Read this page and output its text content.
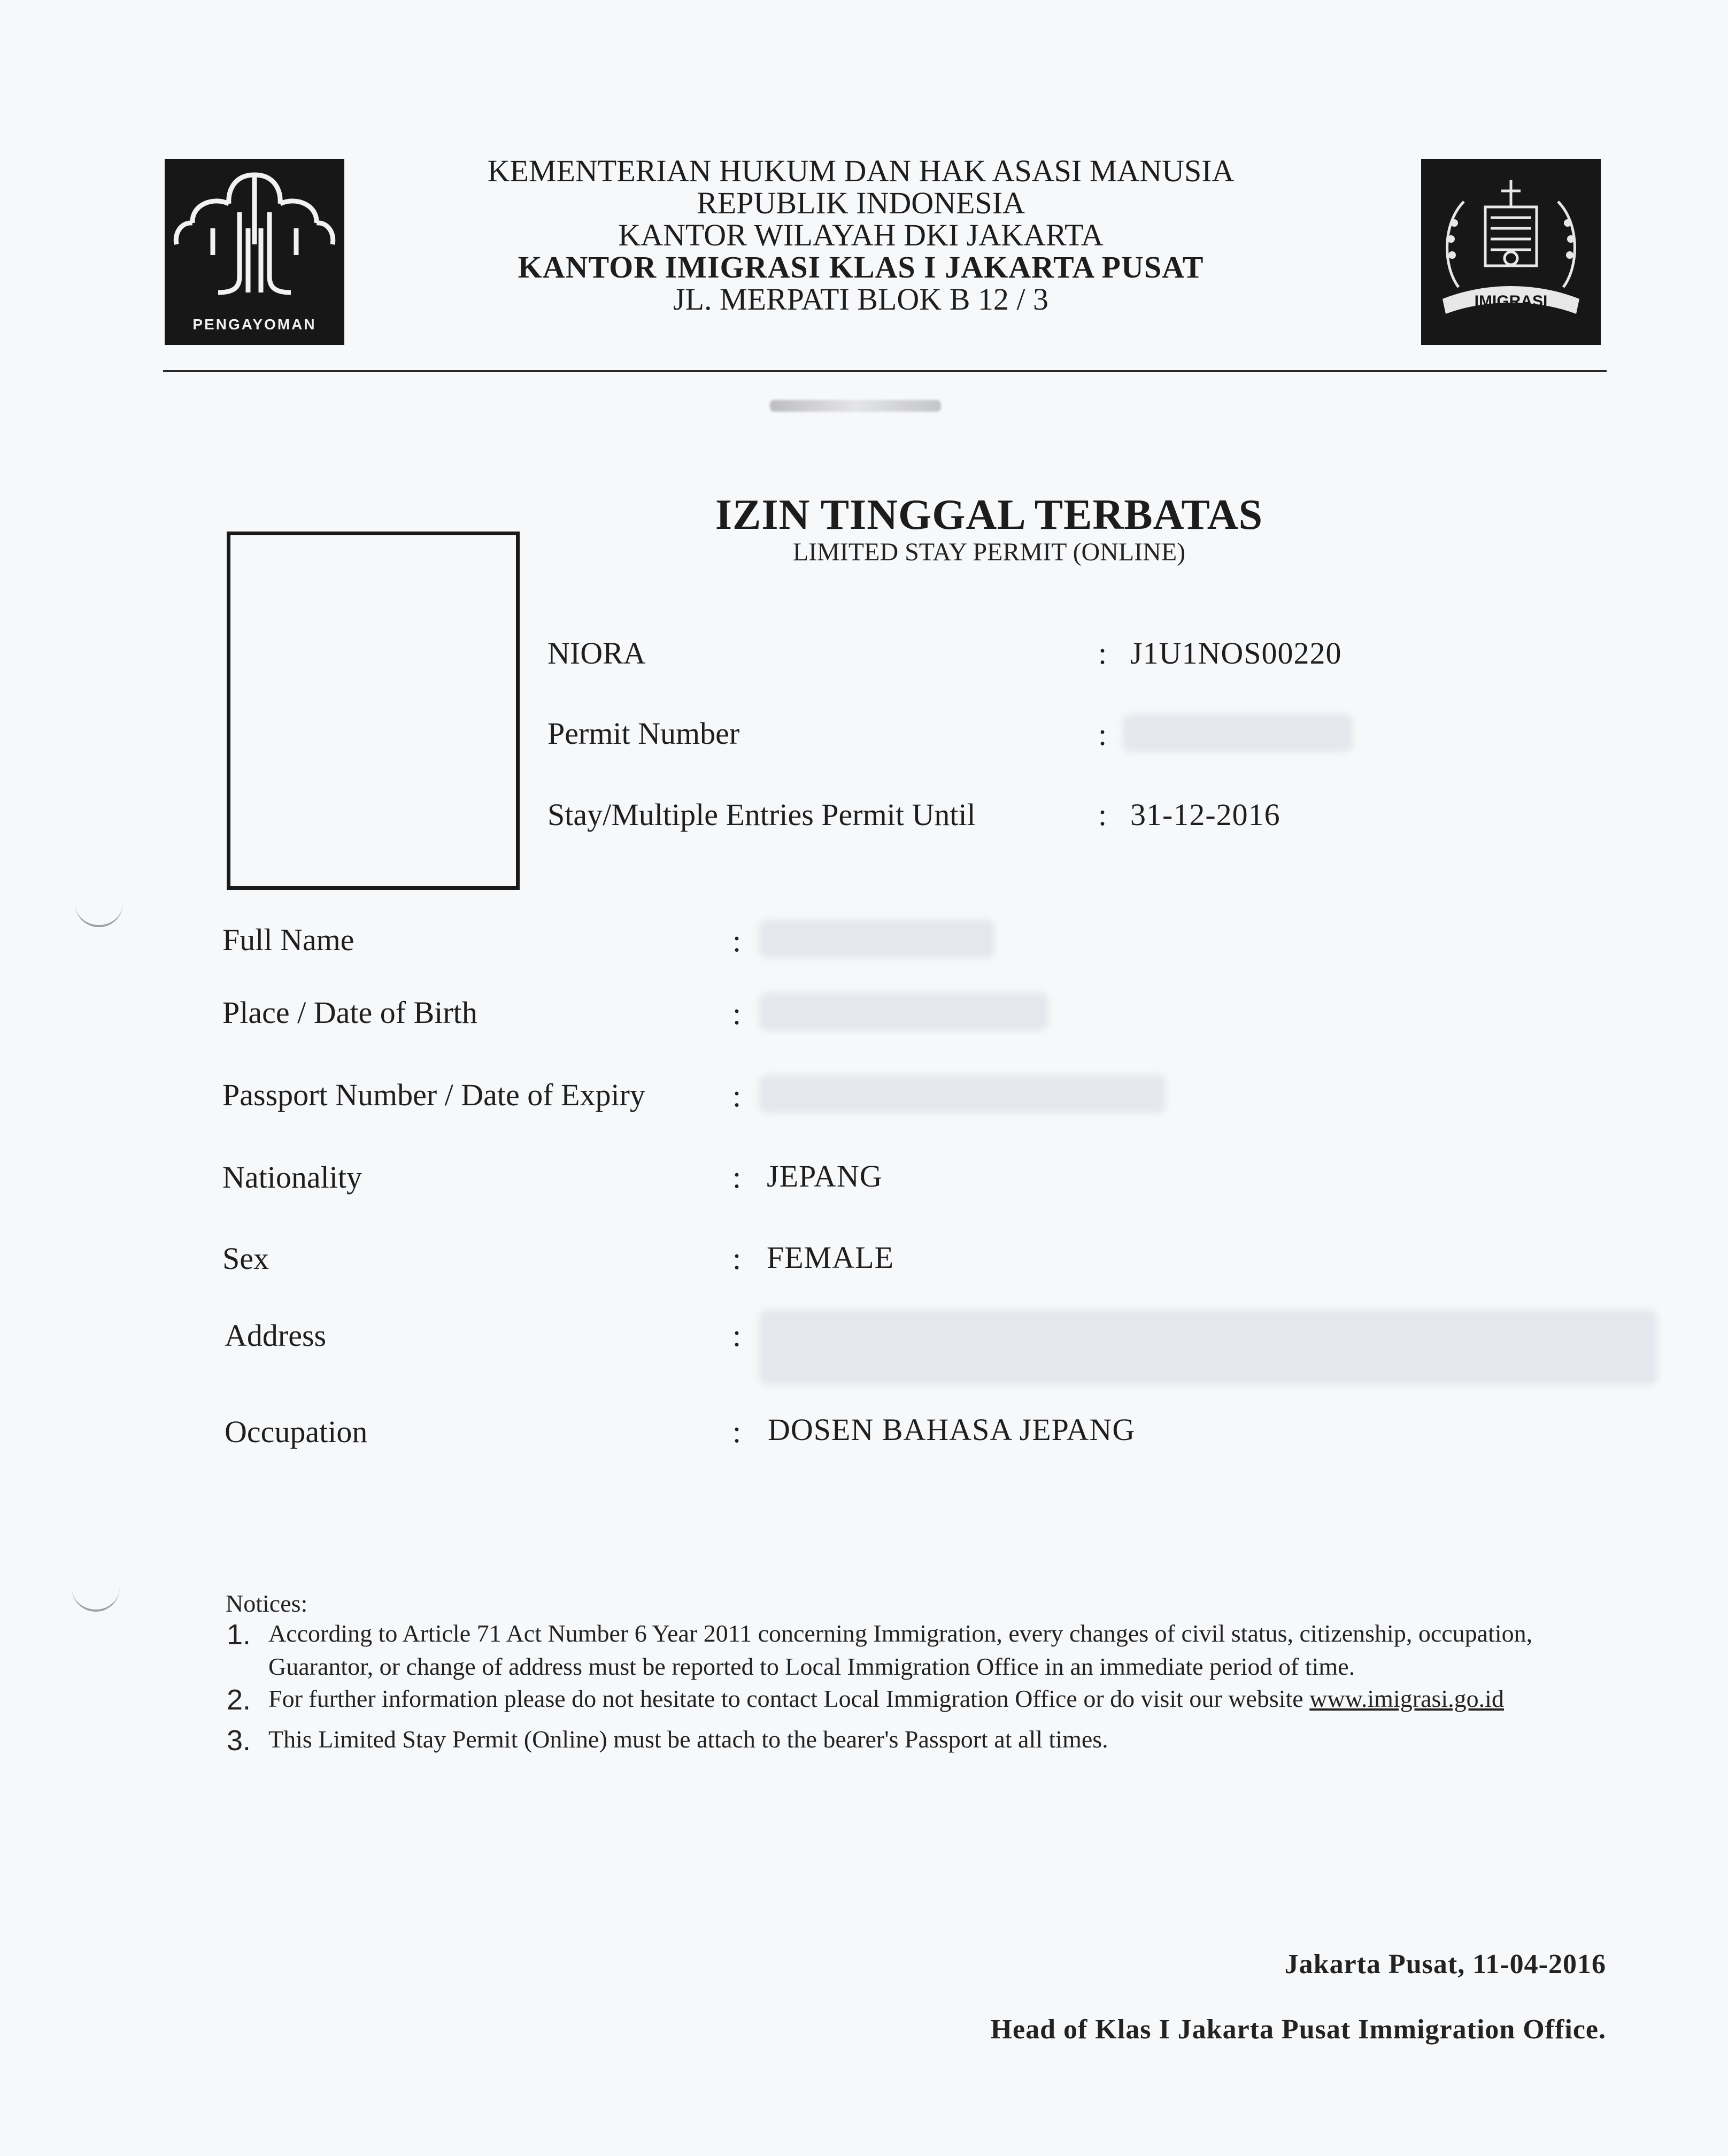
PENGAYOMAN
IMIGRASI
KEMENTERIAN HUKUM DAN HAK ASASI MANUSIA
REPUBLIK INDONESIA
KANTOR WILAYAH DKI JAKARTA
KANTOR IMIGRASI KLAS I JAKARTA PUSAT
JL. MERPATI BLOK B 12 / 3
IZIN TINGGAL TERBATAS
LIMITED STAY PERMIT (ONLINE)
NIORA	: J1U1NOS00220
Permit Number	:
Stay/Multiple Entries Permit Until	: 31-12-2016
Full Name	:
Place / Date of Birth	:
Passport Number / Date of Expiry	:
Nationality	: JEPANG
Sex	: FEMALE
Address	:
Occupation	: DOSEN BAHASA JEPANG
Notices:
1. According to Article 71 Act Number 6 Year 2011 concerning Immigration, every changes of civil status, citizenship, occupation, Guarantor, or change of address must be reported to Local Immigration Office in an immediate period of time.
2. For further information please do not hesitate to contact Local Immigration Office or do visit our website www.imigrasi.go.id
3. This Limited Stay Permit (Online) must be attach to the bearer's Passport at all times.
Jakarta Pusat, 11-04-2016
Head of Klas I Jakarta Pusat Immigration Office.
